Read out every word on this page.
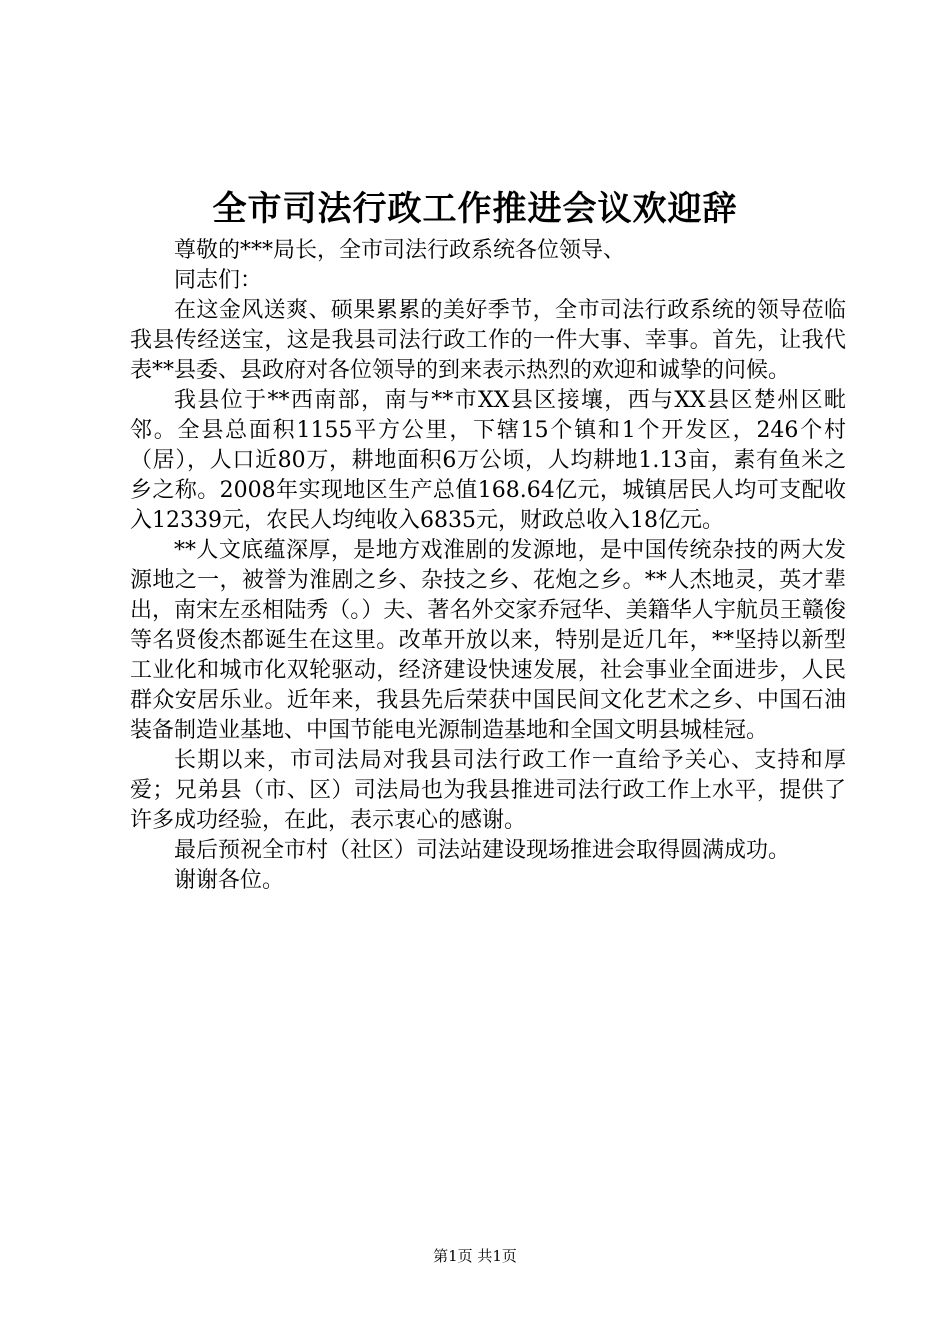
全市司法行政工作推进会议欢迎辞

尊敬的***局长，全市司法行政系统各位领导、

同志们：

在这金风送爽、硕果累累的美好季节，全市司法行政系统的领导莅临我县传经送宝，这是我县司法行政工作的一件大事、幸事。首先，让我代表**县委、县政府对各位领导的到来表示热烈的欢迎和诚挚的问候。

我县位于**西南部，南与**市XX县区接壤，西与XX县区楚州区毗邻。全县总面积1155平方公里，下辖15个镇和1个开发区，246个村（居），人口近80万，耕地面积6万公顷，人均耕地1.13亩，素有鱼米之乡之称。2008年实现地区生产总值168.64亿元，城镇居民人均可支配收入12339元，农民人均纯收入6835元，财政总收入18亿元。

**人文底蕴深厚，是地方戏淮剧的发源地，是中国传统杂技的两大发源地之一，被誉为淮剧之乡、杂技之乡、花炮之乡。**人杰地灵，英才辈出，南宋左丞相陆秀（。）夫、著名外交家乔冠华、美籍华人宇航员王赣俊等名贤俊杰都诞生在这里。改革开放以来，特别是近几年，**坚持以新型工业化和城市化双轮驱动，经济建设快速发展，社会事业全面进步，人民群众安居乐业。近年来，我县先后荣获中国民间文化艺术之乡、中国石油装备制造业基地、中国节能电光源制造基地和全国文明县城桂冠。

长期以来，市司法局对我县司法行政工作一直给予关心、支持和厚爱；兄弟县（市、区）司法局也为我县推进司法行政工作上水平，提供了许多成功经验，在此，表示衷心的感谢。

最后预祝全市村（社区）司法站建设现场推进会取得圆满成功。

谢谢各位。

第1页 共1页
